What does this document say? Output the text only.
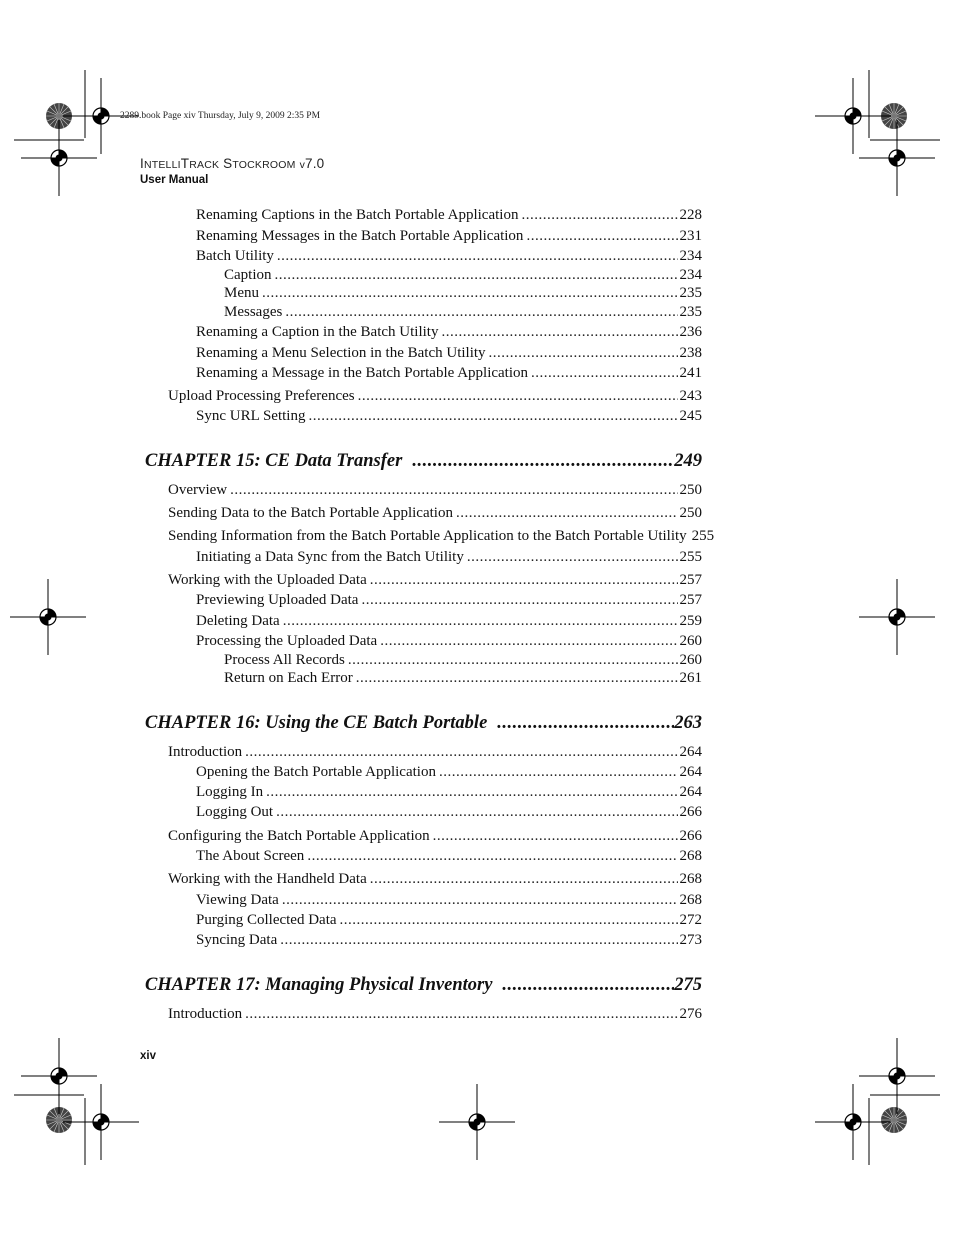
2289.book Page xiv Thursday, July 9, 2009 2:35 PM
INTELLITRACK STOCKROOM v7.0
User Manual
Renaming Captions in the Batch Portable Application .....	228
Renaming Messages in the Batch Portable Application .....	231
Batch Utility .....	234
Caption .....	234
Menu .....	235
Messages .....	235
Renaming a Caption in the Batch Utility .....	236
Renaming a Menu Selection in the Batch Utility .....	238
Renaming a Message in the Batch Portable Application .....	241
Upload Processing Preferences .....	243
Sync URL Setting .....	245
CHAPTER 15: CE Data Transfer .....	249
Overview .....	250
Sending Data to the Batch Portable Application .....	250
Sending Information from the Batch Portable Application to the Batch Portable Utility 255
Initiating a Data Sync from the Batch Utility .....	255
Working with the Uploaded Data .....	257
Previewing Uploaded Data .....	257
Deleting Data .....	259
Processing the Uploaded Data .....	260
Process All Records .....	260
Return on Each Error .....	261
CHAPTER 16: Using the CE Batch Portable .....	263
Introduction .....	264
Opening the Batch Portable Application .....	264
Logging In .....	264
Logging Out .....	266
Configuring the Batch Portable Application .....	266
The About Screen .....	268
Working with the Handheld Data .....	268
Viewing Data .....	268
Purging Collected Data .....	272
Syncing Data .....	273
CHAPTER 17: Managing Physical Inventory .....	275
Introduction .....	276
xiv
